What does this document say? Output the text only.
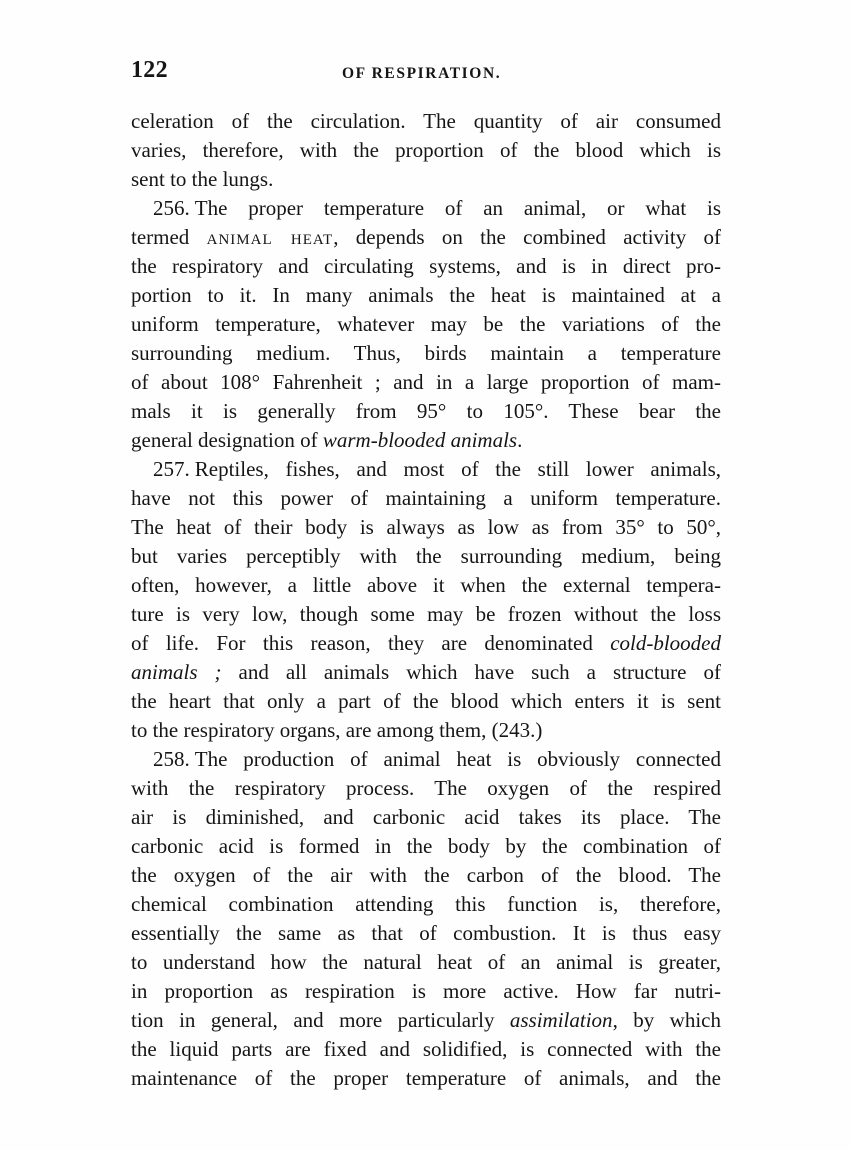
122	OF RESPIRATION.
celeration of the circulation. The quantity of air consumed
varies, therefore, with the proportion of the blood which is
sent to the lungs.
256. The proper temperature of an animal, or what is
termed animal heat, depends on the combined activity of
the respiratory and circulating systems, and is in direct pro-
portion to it. In many animals the heat is maintained at a
uniform temperature, whatever may be the variations of the
surrounding medium. Thus, birds maintain a temperature
of about 108° Fahrenheit ; and in a large proportion of mam-
mals it is generally from 95° to 105°. These bear the
general designation of warm-blooded animals.
257. Reptiles, fishes, and most of the still lower animals,
have not this power of maintaining a uniform temperature.
The heat of their body is always as low as from 35° to 50°,
but varies perceptibly with the surrounding medium, being
often, however, a little above it when the external tempera-
ture is very low, though some may be frozen without the loss
of life. For this reason, they are denominated cold-blooded
animals ; and all animals which have such a structure of
the heart that only a part of the blood which enters it is sent
to the respiratory organs, are among them, (243.)
258. The production of animal heat is obviously connected
with the respiratory process. The oxygen of the respired
air is diminished, and carbonic acid takes its place. The
carbonic acid is formed in the body by the combination of
the oxygen of the air with the carbon of the blood. The
chemical combination attending this function is, therefore,
essentially the same as that of combustion. It is thus easy
to understand how the natural heat of an animal is greater,
in proportion as respiration is more active. How far nutri-
tion in general, and more particularly assimilation, by which
the liquid parts are fixed and solidified, is connected with the
maintenance of the proper temperature of animals, and the
